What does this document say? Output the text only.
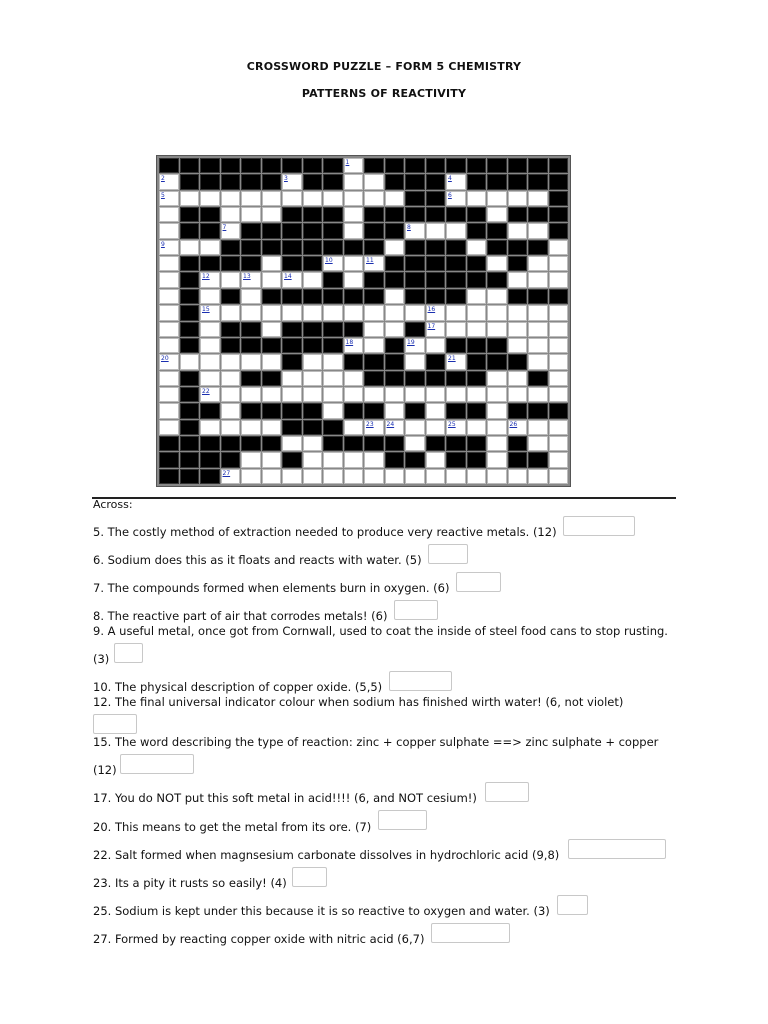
CROSSWORD PUZZLE – FORM 5 CHEMISTRY
PATTERNS OF REACTIVITY
1
2	3	4
5	6
7	8
9
10	11
12	13	14
15	16
17
18	19
20	21
22
23 24	25	26
27
Across:
5. The costly method of extraction needed to produce very reactive metals. (12)
6. Sodium does this as it floats and reacts with water. (5)
7. The compounds formed when elements burn in oxygen. (6)
8. The reactive part of air that corrodes metals! (6)
9. A useful metal, once got from Cornwall, used to coat the inside of steel food cans to stop rusting.
(3)
10. The physical description of copper oxide. (5,5)
12. The final universal indicator colour when sodium has finished wirth water! (6, not violet)
15. The word describing the type of reaction: zinc + copper sulphate ==> zinc sulphate + copper
(12)
17. You do NOT put this soft metal in acid!!!! (6, and NOT cesium!)
20. This means to get the metal from its ore. (7)
22. Salt formed when magnsesium carbonate dissolves in hydrochloric acid (9,8)
23. Its a pity it rusts so easily! (4)
25. Sodium is kept under this because it is so reactive to oxygen and water. (3)
27. Formed by reacting copper oxide with nitric acid (6,7)
